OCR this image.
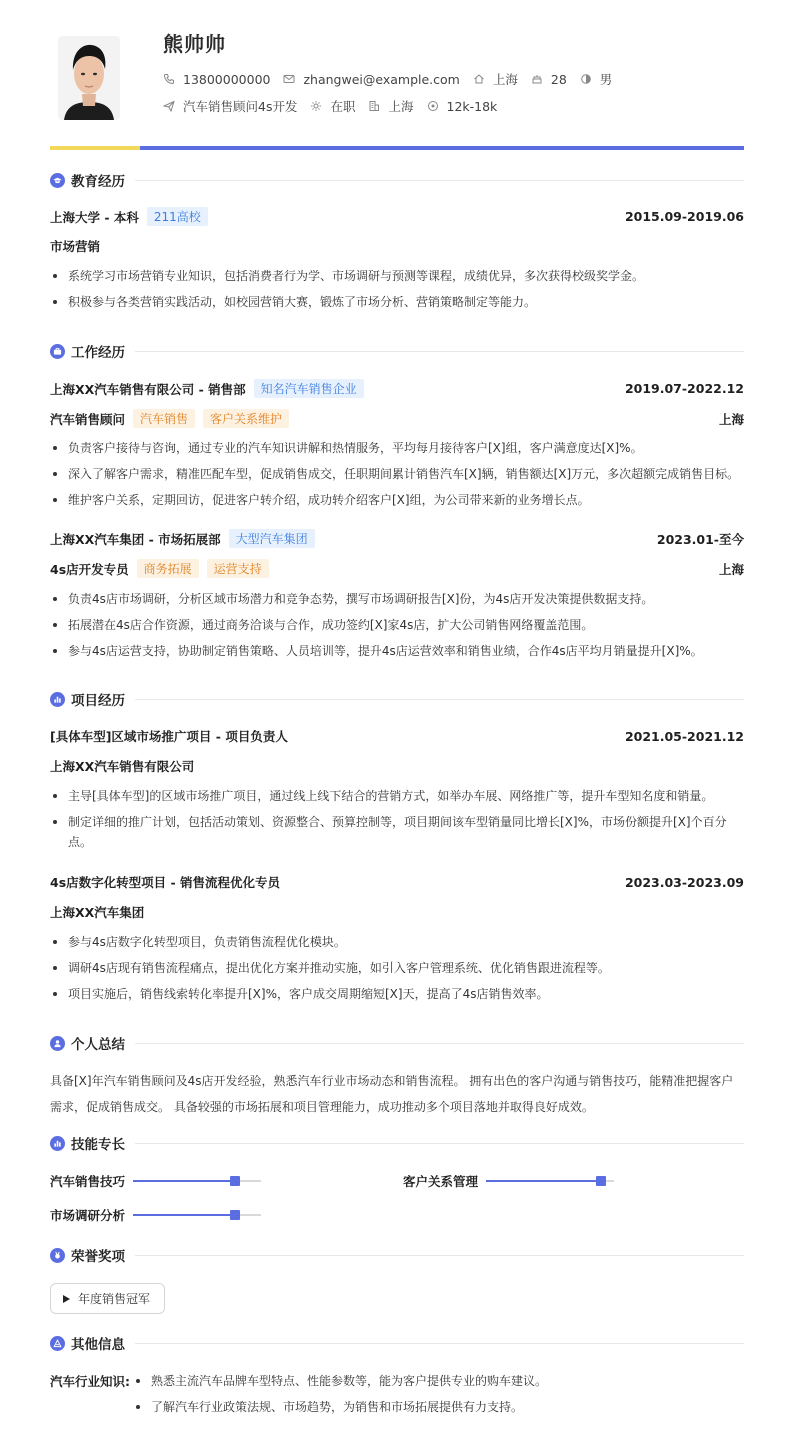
熊帅帅
13800000000	zhangwei@example.com	上海	28	男
汽车销售顾问4s开发	在职	上海	12k-18k
教育经历
上海大学 - 本科	211高校	2015.09-2019.06
市场营销
系统学习市场营销专业知识，包括消费者行为学、市场调研与预测等课程，成绩优异，多次获得校级奖学金。
积极参与各类营销实践活动，如校园营销大赛，锻炼了市场分析、营销策略制定等能力。
工作经历
上海XX汽车销售有限公司 - 销售部	知名汽车销售企业	2019.07-2022.12
汽车销售顾问	汽车销售	客户关系维护	上海
负责客户接待与咨询，通过专业的汽车知识讲解和热情服务，平均每月接待客户[X]组，客户满意度达[X]%。
深入了解客户需求，精准匹配车型，促成销售成交，任职期间累计销售汽车[X]辆，销售额达[X]万元，多次超额完成销售目标。
维护客户关系，定期回访，促进客户转介绍，成功转介绍客户[X]组，为公司带来新的业务增长点。
上海XX汽车集团 - 市场拓展部	大型汽车集团	2023.01-至今
4s店开发专员	商务拓展	运营支持	上海
负责4s店市场调研，分析区域市场潜力和竞争态势，撰写市场调研报告[X]份，为4s店开发决策提供数据支持。
拓展潜在4s店合作资源，通过商务洽谈与合作，成功签约[X]家4s店，扩大公司销售网络覆盖范围。
参与4s店运营支持，协助制定销售策略、人员培训等，提升4s店运营效率和销售业绩，合作4s店平均月销量提升[X]%。
项目经历
[具体车型]区域市场推广项目 - 项目负责人	2021.05-2021.12
上海XX汽车销售有限公司
主导[具体车型]的区域市场推广项目，通过线上线下结合的营销方式，如举办车展、网络推广等，提升车型知名度和销量。
制定详细的推广计划，包括活动策划、资源整合、预算控制等，项目期间该车型销量同比增长[X]%，市场份额提升[X]个百分点。
4s店数字化转型项目 - 销售流程优化专员	2023.03-2023.09
上海XX汽车集团
参与4s店数字化转型项目，负责销售流程优化模块。
调研4s店现有销售流程痛点，提出优化方案并推动实施，如引入客户管理系统、优化销售跟进流程等。
项目实施后，销售线索转化率提升[X]%，客户成交周期缩短[X]天，提高了4s店销售效率。
个人总结
具备[X]年汽车销售顾问及4s店开发经验，熟悉汽车行业市场动态和销售流程。 拥有出色的客户沟通与销售技巧，能精准把握客户需求，促成销售成交。 具备较强的市场拓展和项目管理能力，成功推动多个项目落地并取得良好成效。
技能专长
汽车销售技巧	客户关系管理
市场调研分析
荣誉奖项
年度销售冠军
其他信息
汽车行业知识:	熟悉主流汽车品牌车型特点、性能参数等，能为客户提供专业的购车建议。
了解汽车行业政策法规、市场趋势，为销售和市场拓展提供有力支持。
